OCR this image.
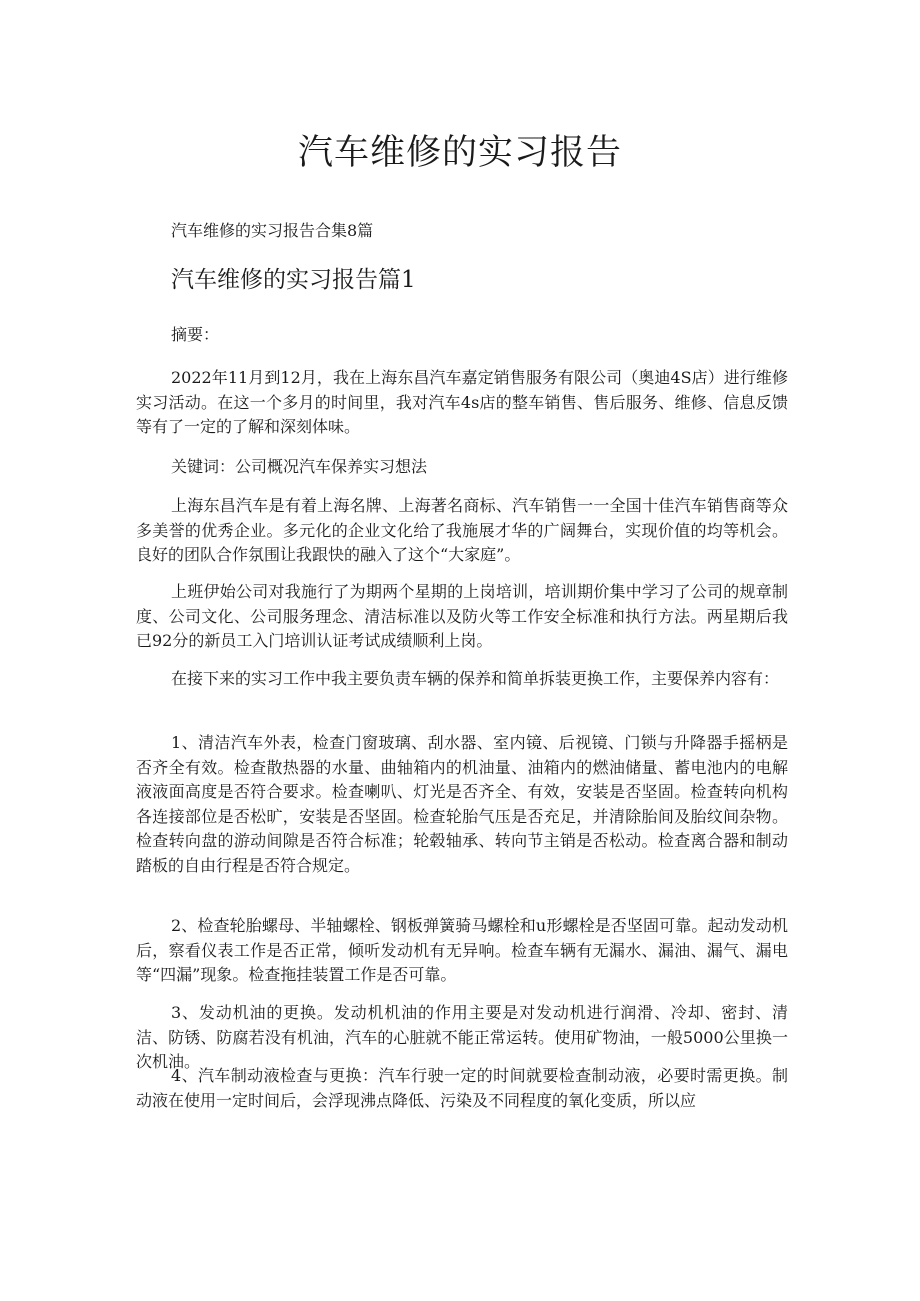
汽车维修的实习报告

汽车维修的实习报告合集8篇

汽车维修的实习报告篇1

摘要：

2022年11月到12月，我在上海东昌汽车嘉定销售服务有限公司（奥迪4S店）进行维修实习活动。在这一个多月的时间里，我对汽车4s店的整车销售、售后服务、维修、信息反馈等有了一定的了解和深刻体味。

关键词：公司概况汽车保养实习想法

上海东昌汽车是有着上海名牌、上海著名商标、汽车销售一一全国十佳汽车销售商等众多美誉的优秀企业。多元化的企业文化给了我施展才华的广阔舞台，实现价值的均等机会。良好的团队合作氛围让我跟快的融入了这个“大家庭”。

上班伊始公司对我施行了为期两个星期的上岗培训，培训期价集中学习了公司的规章制度、公司文化、公司服务理念、清洁标准以及防火等工作安全标准和执行方法。两星期后我已92分的新员工入门培训认证考试成绩顺利上岗。

在接下来的实习工作中我主要负责车辆的保养和简单拆装更换工作，主要保养内容有：

1、清洁汽车外表，检查门窗玻璃、刮水器、室内镜、后视镜、门锁与升降器手摇柄是否齐全有效。检查散热器的水量、曲轴箱内的机油量、油箱内的燃油储量、蓄电池内的电解液液面高度是否符合要求。检查喇叭、灯光是否齐全、有效，安装是否坚固。检查转向机构各连接部位是否松旷，安装是否坚固。检查轮胎气压是否充足，并清除胎间及胎纹间杂物。检查转向盘的游动间隙是否符合标准；轮毂轴承、转向节主销是否松动。检查离合器和制动踏板的自由行程是否符合规定。

2、检查轮胎螺母、半轴螺栓、钢板弹簧骑马螺栓和u形螺栓是否坚固可靠。起动发动机后，察看仪表工作是否正常，倾听发动机有无异响。检查车辆有无漏水、漏油、漏气、漏电等“四漏”现象。检查拖挂装置工作是否可靠。

3、发动机油的更换。发动机机油的作用主要是对发动机进行润滑、冷却、密封、清洁、防锈、防腐若没有机油，汽车的心脏就不能正常运转。使用矿物油，一般5000公里换一次机油。

4、汽车制动液检查与更换：汽车行驶一定的时间就要检查制动液，必要时需更换。制动液在使用一定时间后，会浮现沸点降低、污染及不同程度的氧化变质，所以应
